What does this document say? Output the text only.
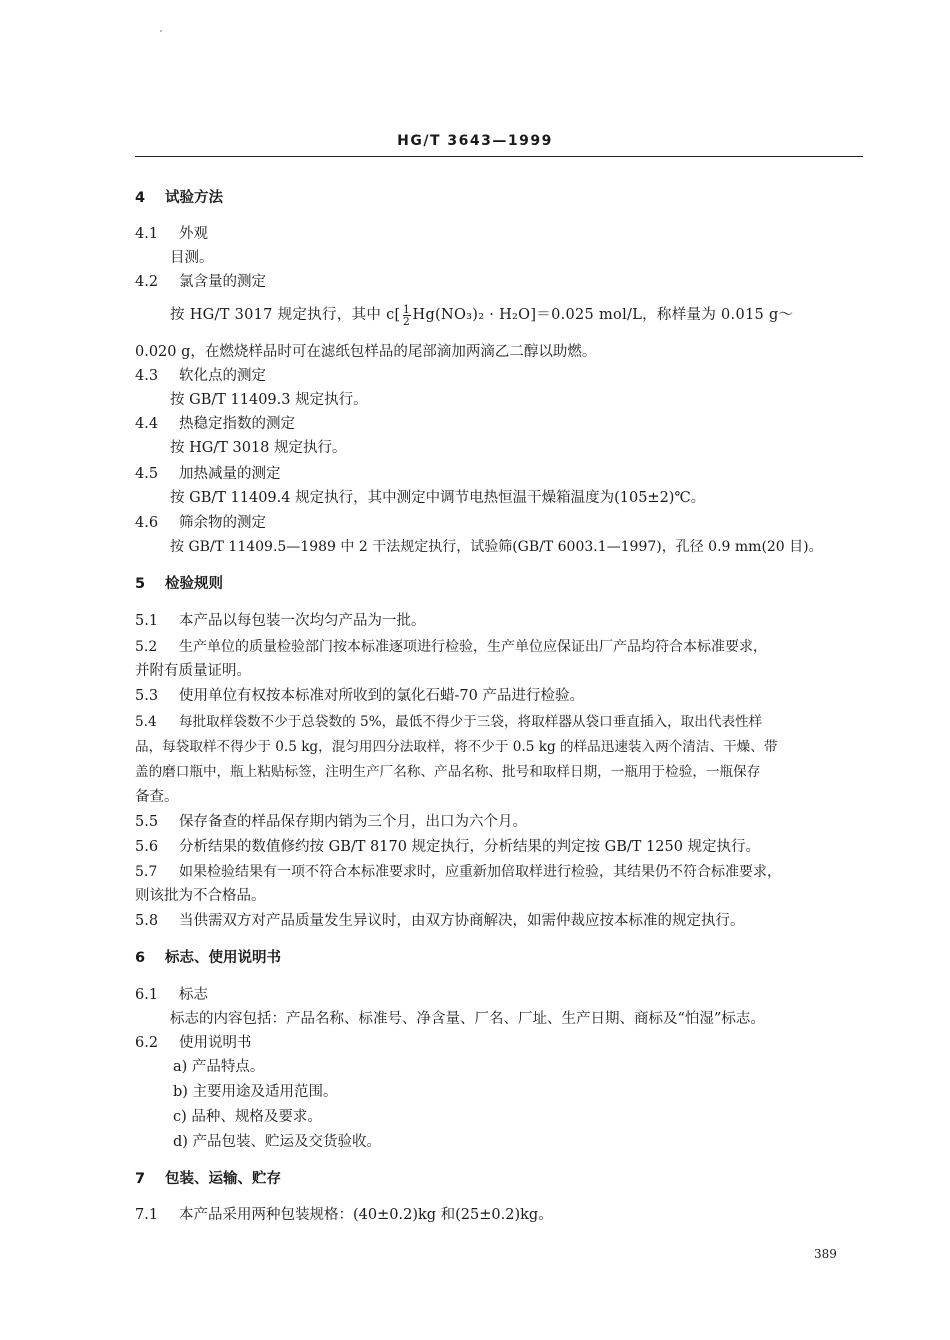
HG/T 3643—1999
4 试验方法
4.1 外观
目测。
4.2 氯含量的测定
按 HG/T 3017 规定执行，其中 $c[ \frac{1}{2} Hg(NO_3)_2 \cdot H_2O]=0.025$ mol/L，称样量为 0.015 g～
0.020 g，在燃烧样品时可在滤纸包样品的尾部滴加两滴乙二醇以助燃。
4.3 软化点的测定
按 GB/T 11409.3 规定执行。
4.4 热稳定指数的测定
按 HG/T 3018 规定执行。
4.5 加热减量的测定
按 GB/T 11409.4 规定执行，其中测定中调节电热恒温干燥箱温度为(105±2)℃。
4.6 筛余物的测定
按 GB/T 11409.5—1989 中 2 干法规定执行，试验筛(GB/T 6003.1—1997)，孔径 0.9 mm(20 目)。
5 检验规则
5.1 本产品以每包装一次均匀产品为一批。
5.2 生产单位的质量检验部门按本标准逐项进行检验，生产单位应保证出厂产品均符合本标准要求，
并附有质量证明。
5.3 使用单位有权按本标准对所收到的氯化石蜡-70 产品进行检验。
5.4 每批取样袋数不少于总袋数的 5%，最低不得少于三袋，将取样器从袋口垂直插入，取出代表性样
品，每袋取样不得少于 0.5 kg，混匀用四分法取样，将不少于 0.5 kg 的样品迅速装入两个清洁、干燥、带
盖的磨口瓶中，瓶上粘贴标签，注明生产厂名称、产品名称、批号和取样日期，一瓶用于检验，一瓶保存
备查。
5.5 保存备查的样品保存期内销为三个月，出口为六个月。
5.6 分析结果的数值修约按 GB/T 8170 规定执行，分析结果的判定按 GB/T 1250 规定执行。
5.7 如果检验结果有一项不符合本标准要求时，应重新加倍取样进行检验，其结果仍不符合标准要求，
则该批为不合格品。
5.8 当供需双方对产品质量发生异议时，由双方协商解决，如需仲裁应按本标准的规定执行。
6 标志、使用说明书
6.1 标志
标志的内容包括：产品名称、标准号、净含量、厂名、厂址、生产日期、商标及“怕湿”标志。
6.2 使用说明书
a) 产品特点。
b) 主要用途及适用范围。
c) 品种、规格及要求。
d) 产品包装、贮运及交货验收。
7 包装、运输、贮存
7.1 本产品采用两种包装规格：(40±0.2)kg 和(25±0.2)kg。
389
